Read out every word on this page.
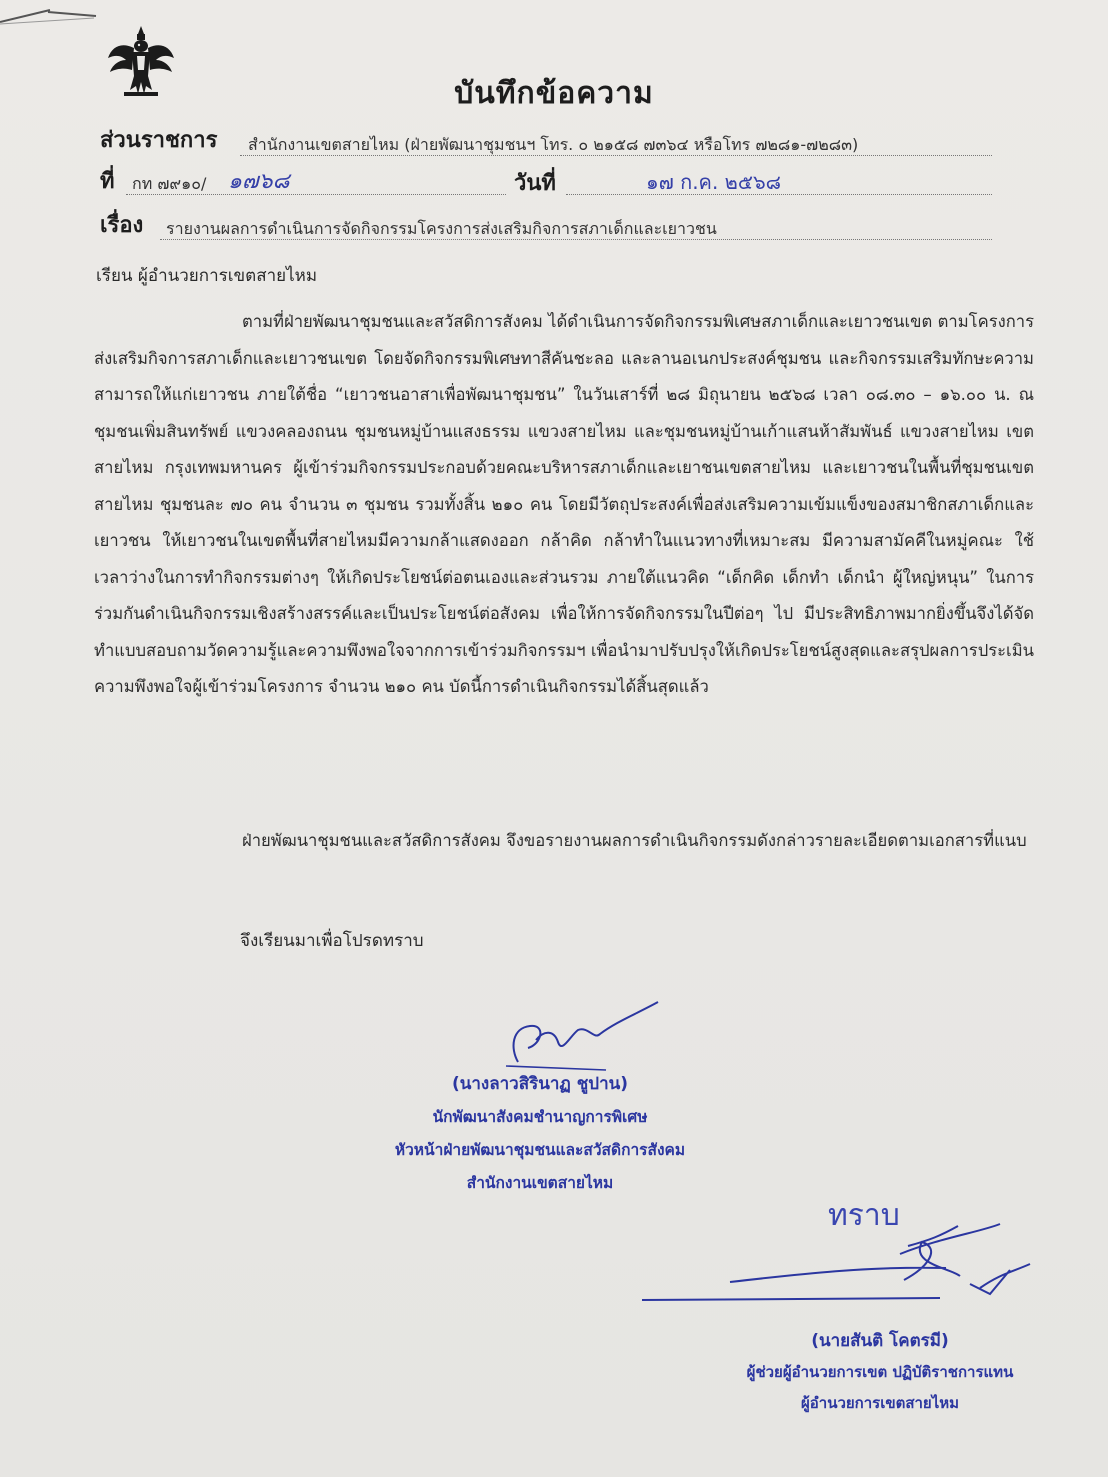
บันทึกข้อความ
ส่วนราชการ สำนักงานเขตสายไหม (ฝ่ายพัฒนาชุมชนฯ โทร. ๐ ๒๑๕๘ ๗๓๖๔ หรือโทร ๗๒๘๑-๗๒๘๓)
ที่ กท ๗๙๑๐/ ๑๗๖๘	วันที่	๑๗ ก.ค. ๒๕๖๘
เรื่อง รายงานผลการดำเนินการจัดกิจกรรมโครงการส่งเสริมกิจการสภาเด็กและเยาวชน
เรียน ผู้อำนวยการเขตสายไหม

ตามที่ฝ่ายพัฒนาชุมชนและสวัสดิการสังคม ได้ดำเนินการจัดกิจกรรมพิเศษสภาเด็กและเยาวชนเขต ตามโครงการส่งเสริมกิจการสภาเด็กและเยาวชนเขต โดยจัดกิจกรรมพิเศษทาสีคันชะลอ และลานอเนกประสงค์ชุมชน และกิจกรรมเสริมทักษะความสามารถให้แก่เยาวชน ภายใต้ชื่อ “เยาวชนอาสาเพื่อพัฒนาชุมชน” ในวันเสาร์ที่ ๒๘ มิถุนายน ๒๕๖๘ เวลา ๐๘.๓๐ – ๑๖.๐๐ น. ณ ชุมชนเพิ่มสินทรัพย์ แขวงคลองถนน ชุมชนหมู่บ้านแสงธรรม แขวงสายไหม และชุมชนหมู่บ้านเก้าแสนห้าสัมพันธ์ แขวงสายไหม เขตสายไหม กรุงเทพมหานคร ผู้เข้าร่วมกิจกรรมประกอบด้วยคณะบริหารสภาเด็กและเยาชนเขตสายไหม และเยาวชนในพื้นที่ชุมชนเขตสายไหม ชุมชนละ ๗๐ คน จำนวน ๓ ชุมชน รวมทั้งสิ้น ๒๑๐ คน โดยมีวัตถุประสงค์เพื่อส่งเสริมความเข้มแข็งของสมาชิกสภาเด็กและเยาวชน ให้เยาวชนในเขตพื้นที่สายไหมมีความกล้าแสดงออก กล้าคิด กล้าทำในแนวทางที่เหมาะสม มีความสามัคคีในหมู่คณะ ใช้เวลาว่างในการทำกิจกรรมต่างๆ ให้เกิดประโยชน์ต่อตนเองและส่วนรวม ภายใต้แนวคิด “เด็กคิด เด็กทำ เด็กนำ ผู้ใหญ่หนุน” ในการร่วมกันดำเนินกิจกรรมเชิงสร้างสรรค์และเป็นประโยชน์ต่อสังคม เพื่อให้การจัดกิจกรรมในปีต่อๆ ไป มีประสิทธิภาพมากยิ่งขึ้นจึงได้จัดทำแบบสอบถามวัดความรู้และความพึงพอใจจากการเข้าร่วมกิจกรรมฯ เพื่อนำมาปรับปรุงให้เกิดประโยชน์สูงสุดและสรุปผลการประเมินความพึงพอใจผู้เข้าร่วมโครงการ จำนวน ๒๑๐ คน บัดนี้การดำเนินกิจกรรมได้สิ้นสุดแล้ว

ฝ่ายพัฒนาชุมชนและสวัสดิการสังคม จึงขอรายงานผลการดำเนินกิจกรรมดังกล่าวรายละเอียดตามเอกสารที่แนบ

จึงเรียนมาเพื่อโปรดทราบ
(นางลาวสิรินาฏ ชูปาน)
นักพัฒนาสังคมชำนาญการพิเศษ
หัวหน้าฝ่ายพัฒนาชุมชนและสวัสดิการสังคม
สำนักงานเขตสายไหม
ทราบ
(นายสันติ โคตรมี)
ผู้ช่วยผู้อำนวยการเขต ปฏิบัติราชการแทน
ผู้อำนวยการเขตสายไหม
